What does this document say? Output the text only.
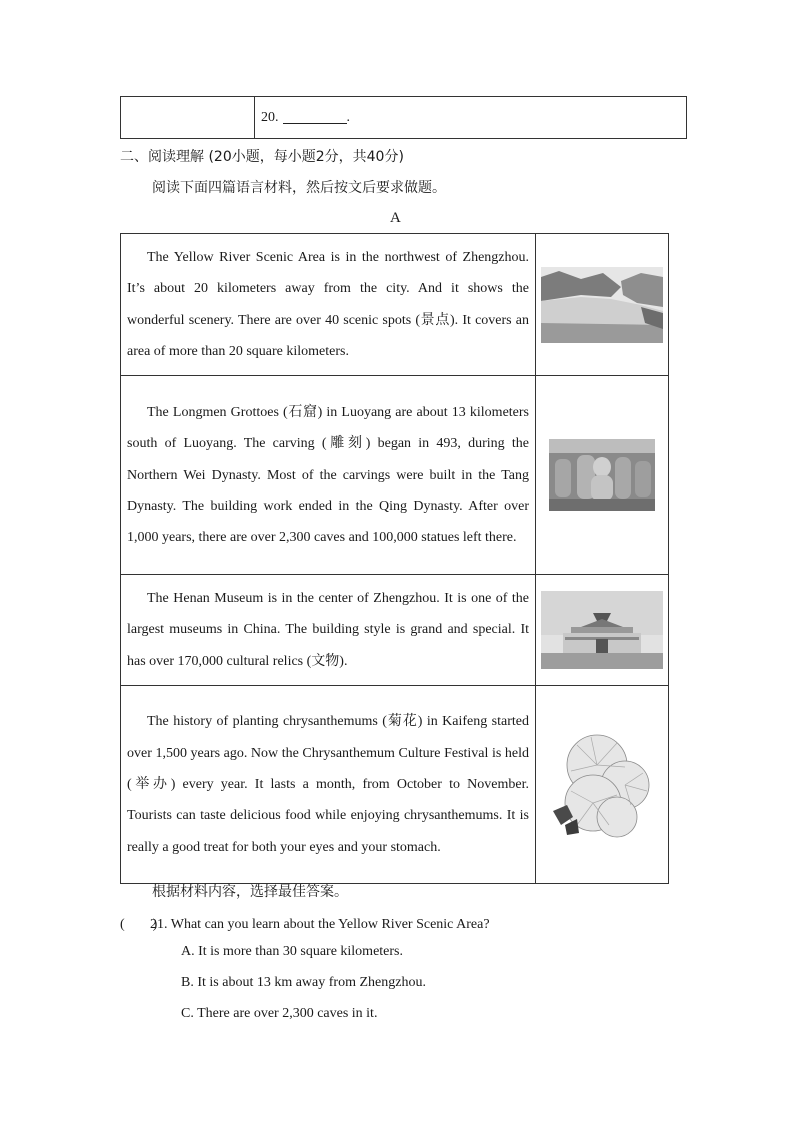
20.	.
二、阅读理解 (20小题，每小题2分，共40分)
阅读下面四篇语言材料，然后按文后要求做题。
A
The Yellow River Scenic Area is in the northwest of Zhengzhou. It’s about 20 kilometers away from the city. And it shows the wonderful scenery. There are over 40 scenic spots (景点). It covers an area of more than 20 square kilometers.	

The Longmen Grottoes (石窟) in Luoyang are about 13 kilometers south of Luoyang. The carving (雕刻) began in 493, during the Northern Wei Dynasty. Most of the carvings were built in the Tang Dynasty. The building work ended in the Qing Dynasty. After over 1,000 years, there are over 2,300 caves and 100,000 statues left there.	

The Henan Museum is in the center of Zhengzhou. It is one of the largest museums in China. The building style is grand and special. It has over 170,000 cultural relics (文物).	

The history of planting chrysanthemums (菊花) in Kaifeng started over 1,500 years ago. Now the Chrysanthemum Culture Festival is held (举办) every year. It lasts a month, from October to November. Tourists can taste delicious food while enjoying chrysanthemums. It is really a good treat for both your eyes and your stomach.	
根据材料内容，选择最佳答案。
(　　)21. What can you learn about the Yellow River Scenic Area?
A. It is more than 30 square kilometers.
B. It is about 13 km away from Zhengzhou.
C. There are over 2,300 caves in it.
